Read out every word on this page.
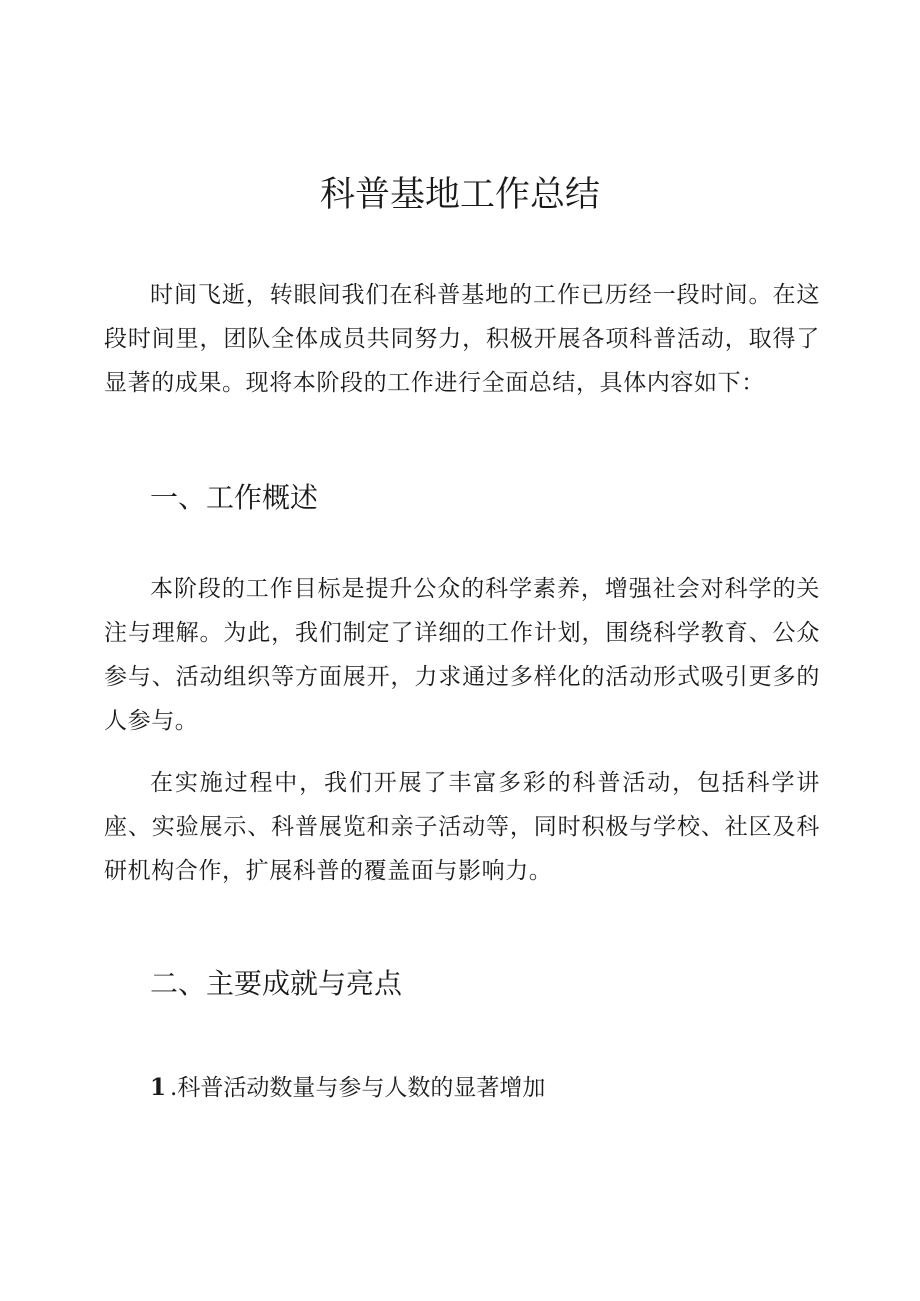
科普基地工作总结

时间飞逝，转眼间我们在科普基地的工作已历经一段时间。在这段时间里，团队全体成员共同努力，积极开展各项科普活动，取得了显著的成果。现将本阶段的工作进行全面总结，具体内容如下：

一、工作概述

本阶段的工作目标是提升公众的科学素养，增强社会对科学的关注与理解。为此，我们制定了详细的工作计划，围绕科学教育、公众参与、活动组织等方面展开，力求通过多样化的活动形式吸引更多的人参与。

在实施过程中，我们开展了丰富多彩的科普活动，包括科学讲座、实验展示、科普展览和亲子活动等，同时积极与学校、社区及科研机构合作，扩展科普的覆盖面与影响力。

二、主要成就与亮点

1 .科普活动数量与参与人数的显著增加
